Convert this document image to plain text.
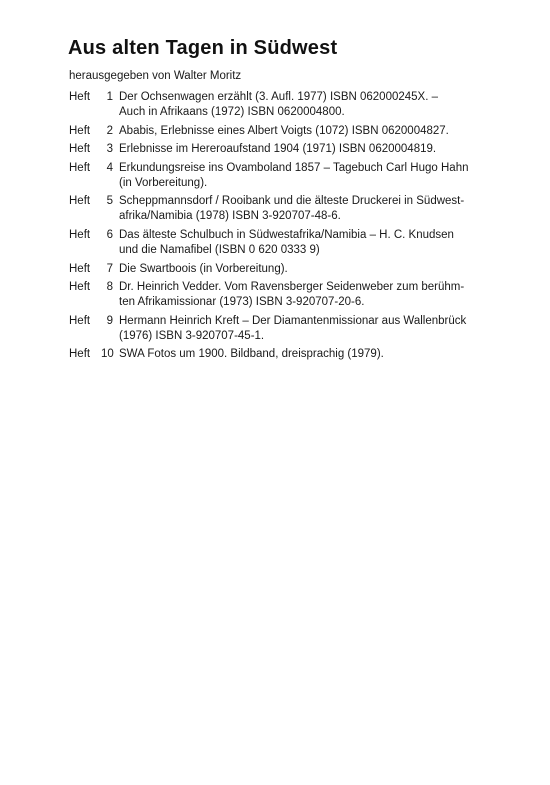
Aus alten Tagen in Südwest

herausgegeben von Walter Moritz

Heft	1 Der Ochsenwagen erzählt (3. Aufl. 1977) ISBN 062000245X. –
Auch in Afrikaans (1972) ISBN 0620004800.
Heft	2 Ababis, Erlebnisse eines Albert Voigts (1072) ISBN 0620004827.
Heft	3 Erlebnisse im Hereroaufstand 1904 (1971) ISBN 0620004819.
Heft	4 Erkundungsreise ins Ovamboland 1857 – Tagebuch Carl Hugo Hahn
(in Vorbereitung).
Heft	5 Scheppmannsdorf / Rooibank und die älteste Druckerei in Südwest-
afrika/Namibia (1978) ISBN 3-920707-48-6.
Heft	6 Das älteste Schulbuch in Südwestafrika/Namibia – H. C. Knudsen
und die Namafibel (ISBN 0 620 0333 9)
Heft	7 Die Swartboois (in Vorbereitung).
Heft	8 Dr. Heinrich Vedder. Vom Ravensberger Seidenweber zum berühm-
ten Afrikamissionar (1973) ISBN 3-920707-20-6.
Heft	9 Hermann Heinrich Kreft – Der Diamantenmissionar aus Wallenbrück
(1976) ISBN 3-920707-45-1.
Heft 10 SWA Fotos um 1900. Bildband, dreisprachig (1979).
